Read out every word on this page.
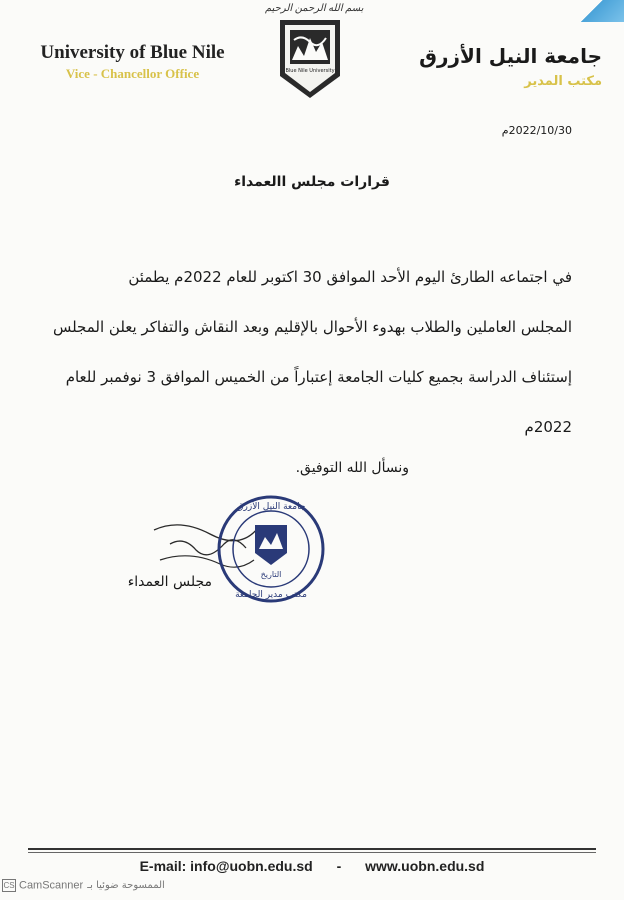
بسم الله الرحمن الرحيم
University of Blue Nile
Vice - Chancellor Office	Blue Nile University
جامعة النيل الأزرق
مكتب المدير
2022/10/30م
قرارات مجلس االعمداء
في اجتماعه الطارئ اليوم الأحد الموافق 30 اكتوبر للعام 2022م يطمئن
المجلس العاملين والطلاب بهدوء الأحوال بالإقليم وبعد النقاش والتفاكر يعلن المجلس
إستئناف الدراسة بجميع كليات الجامعة إعتباراً من الخميس الموافق 3 نوفمبر للعام
2022م
ونسأل الله التوفيق.
جامعة النيل الأزرق
التاريخ
مكتب مدير الجامعة
مجلس العمداء
E-mail: info@uobn.edu.sd - www.uobn.edu.sd
CS CamScanner الممسوحة ضوئيا بـ
